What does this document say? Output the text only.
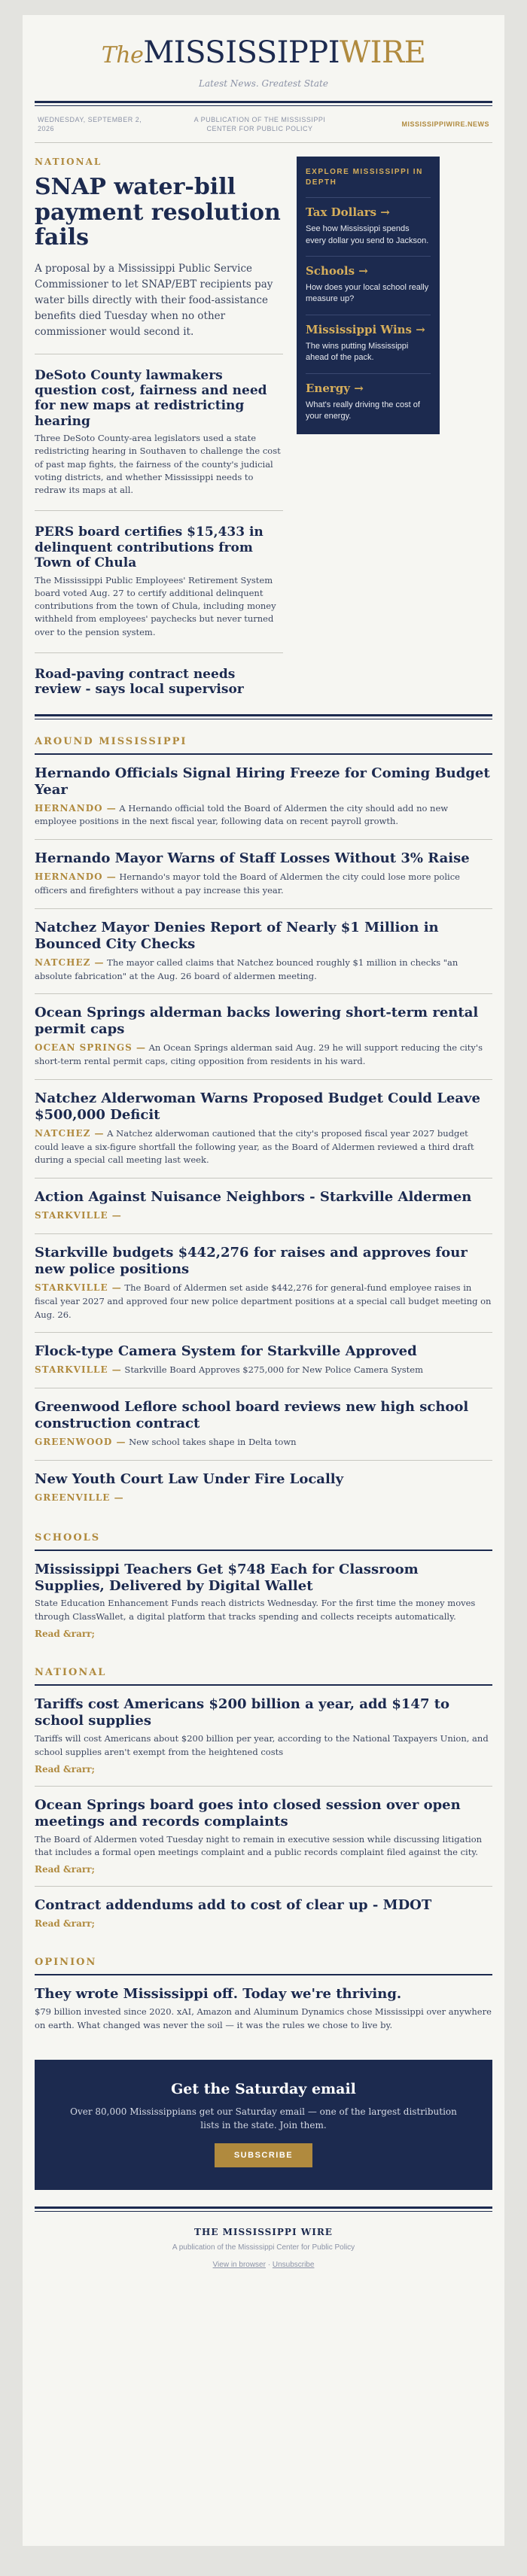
TheMISSISSIPPIWIRE
Latest News. Greatest State
WEDNESDAY, SEPTEMBER 2, 2026
A PUBLICATION OF THE MISSISSIPPI CENTER FOR PUBLIC POLICY
MISSISSIPPIWIRE.NEWS
NATIONAL
SNAP water-bill payment resolution fails
A proposal by a Mississippi Public Service Commissioner to let SNAP/EBT recipients pay water bills directly with their food-assistance benefits died Tuesday when no other commissioner would second it.
DeSoto County lawmakers question cost, fairness and need for new maps at redistricting hearing
Three DeSoto County-area legislators used a state redistricting hearing in Southaven to challenge the cost of past map fights, the fairness of the county's judicial voting districts, and whether Mississippi needs to redraw its maps at all.
PERS board certifies $15,433 in delinquent contributions from Town of Chula
The Mississippi Public Employees' Retirement System board voted Aug. 27 to certify additional delinquent contributions from the town of Chula, including money withheld from employees' paychecks but never turned over to the pension system.
Road-paving contract needs review - says local supervisor
EXPLORE MISSISSIPPI IN DEPTH
Tax Dollars →
See how Mississippi spends every dollar you send to Jackson.
Schools →
How does your local school really measure up?
Mississippi Wins →
The wins putting Mississippi ahead of the pack.
Energy →
What's really driving the cost of your energy.
AROUND MISSISSIPPI
Hernando Officials Signal Hiring Freeze for Coming Budget Year
HERNANDO — A Hernando official told the Board of Aldermen the city should add no new employee positions in the next fiscal year, following data on recent payroll growth.
Hernando Mayor Warns of Staff Losses Without 3% Raise
HERNANDO — Hernando's mayor told the Board of Aldermen the city could lose more police officers and firefighters without a pay increase this year.
Natchez Mayor Denies Report of Nearly $1 Million in Bounced City Checks
NATCHEZ — The mayor called claims that Natchez bounced roughly $1 million in checks "an absolute fabrication" at the Aug. 26 board of aldermen meeting.
Ocean Springs alderman backs lowering short-term rental permit caps
OCEAN SPRINGS — An Ocean Springs alderman said Aug. 29 he will support reducing the city's short-term rental permit caps, citing opposition from residents in his ward.
Natchez Alderwoman Warns Proposed Budget Could Leave $500,000 Deficit
NATCHEZ — A Natchez alderwoman cautioned that the city's proposed fiscal year 2027 budget could leave a six-figure shortfall the following year, as the Board of Aldermen reviewed a third draft during a special call meeting last week.
Action Against Nuisance Neighbors - Starkville Aldermen
STARKVILLE —
Starkville budgets $442,276 for raises and approves four new police positions
STARKVILLE — The Board of Aldermen set aside $442,276 for general-fund employee raises in fiscal year 2027 and approved four new police department positions at a special call budget meeting on Aug. 26.
Flock-type Camera System for Starkville Approved
STARKVILLE — Starkville Board Approves $275,000 for New Police Camera System
Greenwood Leflore school board reviews new high school construction contract
GREENWOOD — New school takes shape in Delta town
New Youth Court Law Under Fire Locally
GREENVILLE —
SCHOOLS
Mississippi Teachers Get $748 Each for Classroom Supplies, Delivered by Digital Wallet
State Education Enhancement Funds reach districts Wednesday. For the first time the money moves through ClassWallet, a digital platform that tracks spending and collects receipts automatically.
Read &rarr;
NATIONAL
Tariffs cost Americans $200 billion a year, add $147 to school supplies
Tariffs will cost Americans about $200 billion per year, according to the National Taxpayers Union, and school supplies aren't exempt from the heightened costs
Read &rarr;
Ocean Springs board goes into closed session over open meetings and records complaints
The Board of Aldermen voted Tuesday night to remain in executive session while discussing litigation that includes a formal open meetings complaint and a public records complaint filed against the city.
Read &rarr;
Contract addendums add to cost of clear up - MDOT
Read &rarr;
OPINION
They wrote Mississippi off. Today we're thriving.
$79 billion invested since 2020. xAI, Amazon and Aluminum Dynamics chose Mississippi over anywhere on earth. What changed was never the soil — it was the rules we chose to live by.
Get the Saturday email
Over 80,000 Mississippians get our Saturday email — one of the largest distribution lists in the state. Join them.
SUBSCRIBE
THE MISSISSIPPI WIRE
A publication of the Mississippi Center for Public Policy
View in browser · Unsubscribe
